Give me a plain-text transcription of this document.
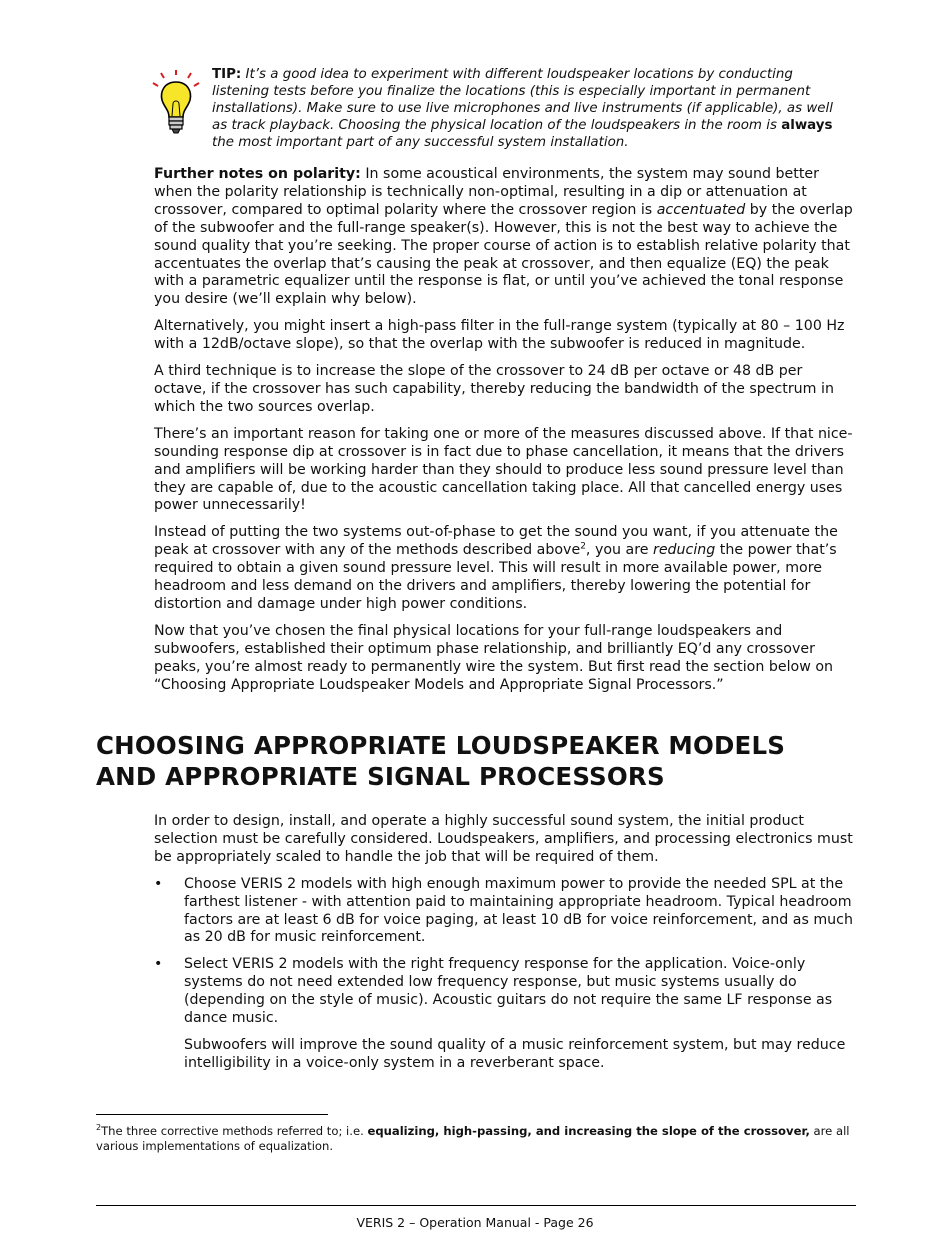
TIP: It’s a good idea to experiment with different loudspeaker locations by conducting listening tests before you finalize the locations (this is especially important in permanent installations). Make sure to use live microphones and live instruments (if applicable), as well as track playback. Choosing the physical location of the loudspeakers in the room is always the most important part of any successful system installation.

Further notes on polarity: In some acoustical environments, the system may sound better when the polarity relationship is technically non-optimal, resulting in a dip or attenuation at crossover, compared to optimal polarity where the crossover region is accentuated by the overlap of the subwoofer and the full-range speaker(s). However, this is not the best way to achieve the sound quality that you’re seeking. The proper course of action is to establish relative polarity that accentuates the overlap that’s causing the peak at crossover, and then equalize (EQ) the peak with a parametric equalizer until the response is flat, or until you’ve achieved the tonal response you desire (we’ll explain why below).

Alternatively, you might insert a high-pass filter in the full-range system (typically at 80 – 100 Hz with a 12dB/octave slope), so that the overlap with the subwoofer is reduced in magnitude.

A third technique is to increase the slope of the crossover to 24 dB per octave or 48 dB per octave, if the crossover has such capability, thereby reducing the bandwidth of the spectrum in which the two sources overlap.

There’s an important reason for taking one or more of the measures discussed above. If that nice-sounding response dip at crossover is in fact due to phase cancellation, it means that the drivers and amplifiers will be working harder than they should to produce less sound pressure level than they are capable of, due to the acoustic cancellation taking place. All that cancelled energy uses power unnecessarily!

Instead of putting the two systems out-of-phase to get the sound you want, if you attenuate the peak at crossover with any of the methods described above$^2$, you are reducing the power that’s required to obtain a given sound pressure level. This will result in more available power, more headroom and less demand on the drivers and amplifiers, thereby lowering the potential for distortion and damage under high power conditions.

Now that you’ve chosen the final physical locations for your full-range loudspeakers and subwoofers, established their optimum phase relationship, and brilliantly EQ’d any crossover peaks, you’re almost ready to permanently wire the system. But first read the section below on “Choosing Appropriate Loudspeaker Models and Appropriate Signal Processors.”

CHOOSING APPROPRIATE LOUDSPEAKER MODELS
AND APPROPRIATE SIGNAL PROCESSORS

In order to design, install, and operate a highly successful sound system, the initial product selection must be carefully considered. Loudspeakers, amplifiers, and processing electronics must be appropriately scaled to handle the job that will be required of them.

• Choose VERIS 2 models with high enough maximum power to provide the needed SPL at the farthest listener - with attention paid to maintaining appropriate headroom. Typical headroom factors are at least 6 dB for voice paging, at least 10 dB for voice reinforcement, and as much as 20 dB for music reinforcement.
• Select VERIS 2 models with the right frequency response for the application. Voice-only systems do not need extended low frequency response, but music systems usually do (depending on the style of music). Acoustic guitars do not require the same LF response as dance music.

Subwoofers will improve the sound quality of a music reinforcement system, but may reduce intelligibility in a voice-only system in a reverberant space.

$^2$The three corrective methods referred to; i.e. equalizing, high-passing, and increasing the slope of the crossover, are all various implementations of equalization.
VERIS 2 – Operation Manual - Page 26
